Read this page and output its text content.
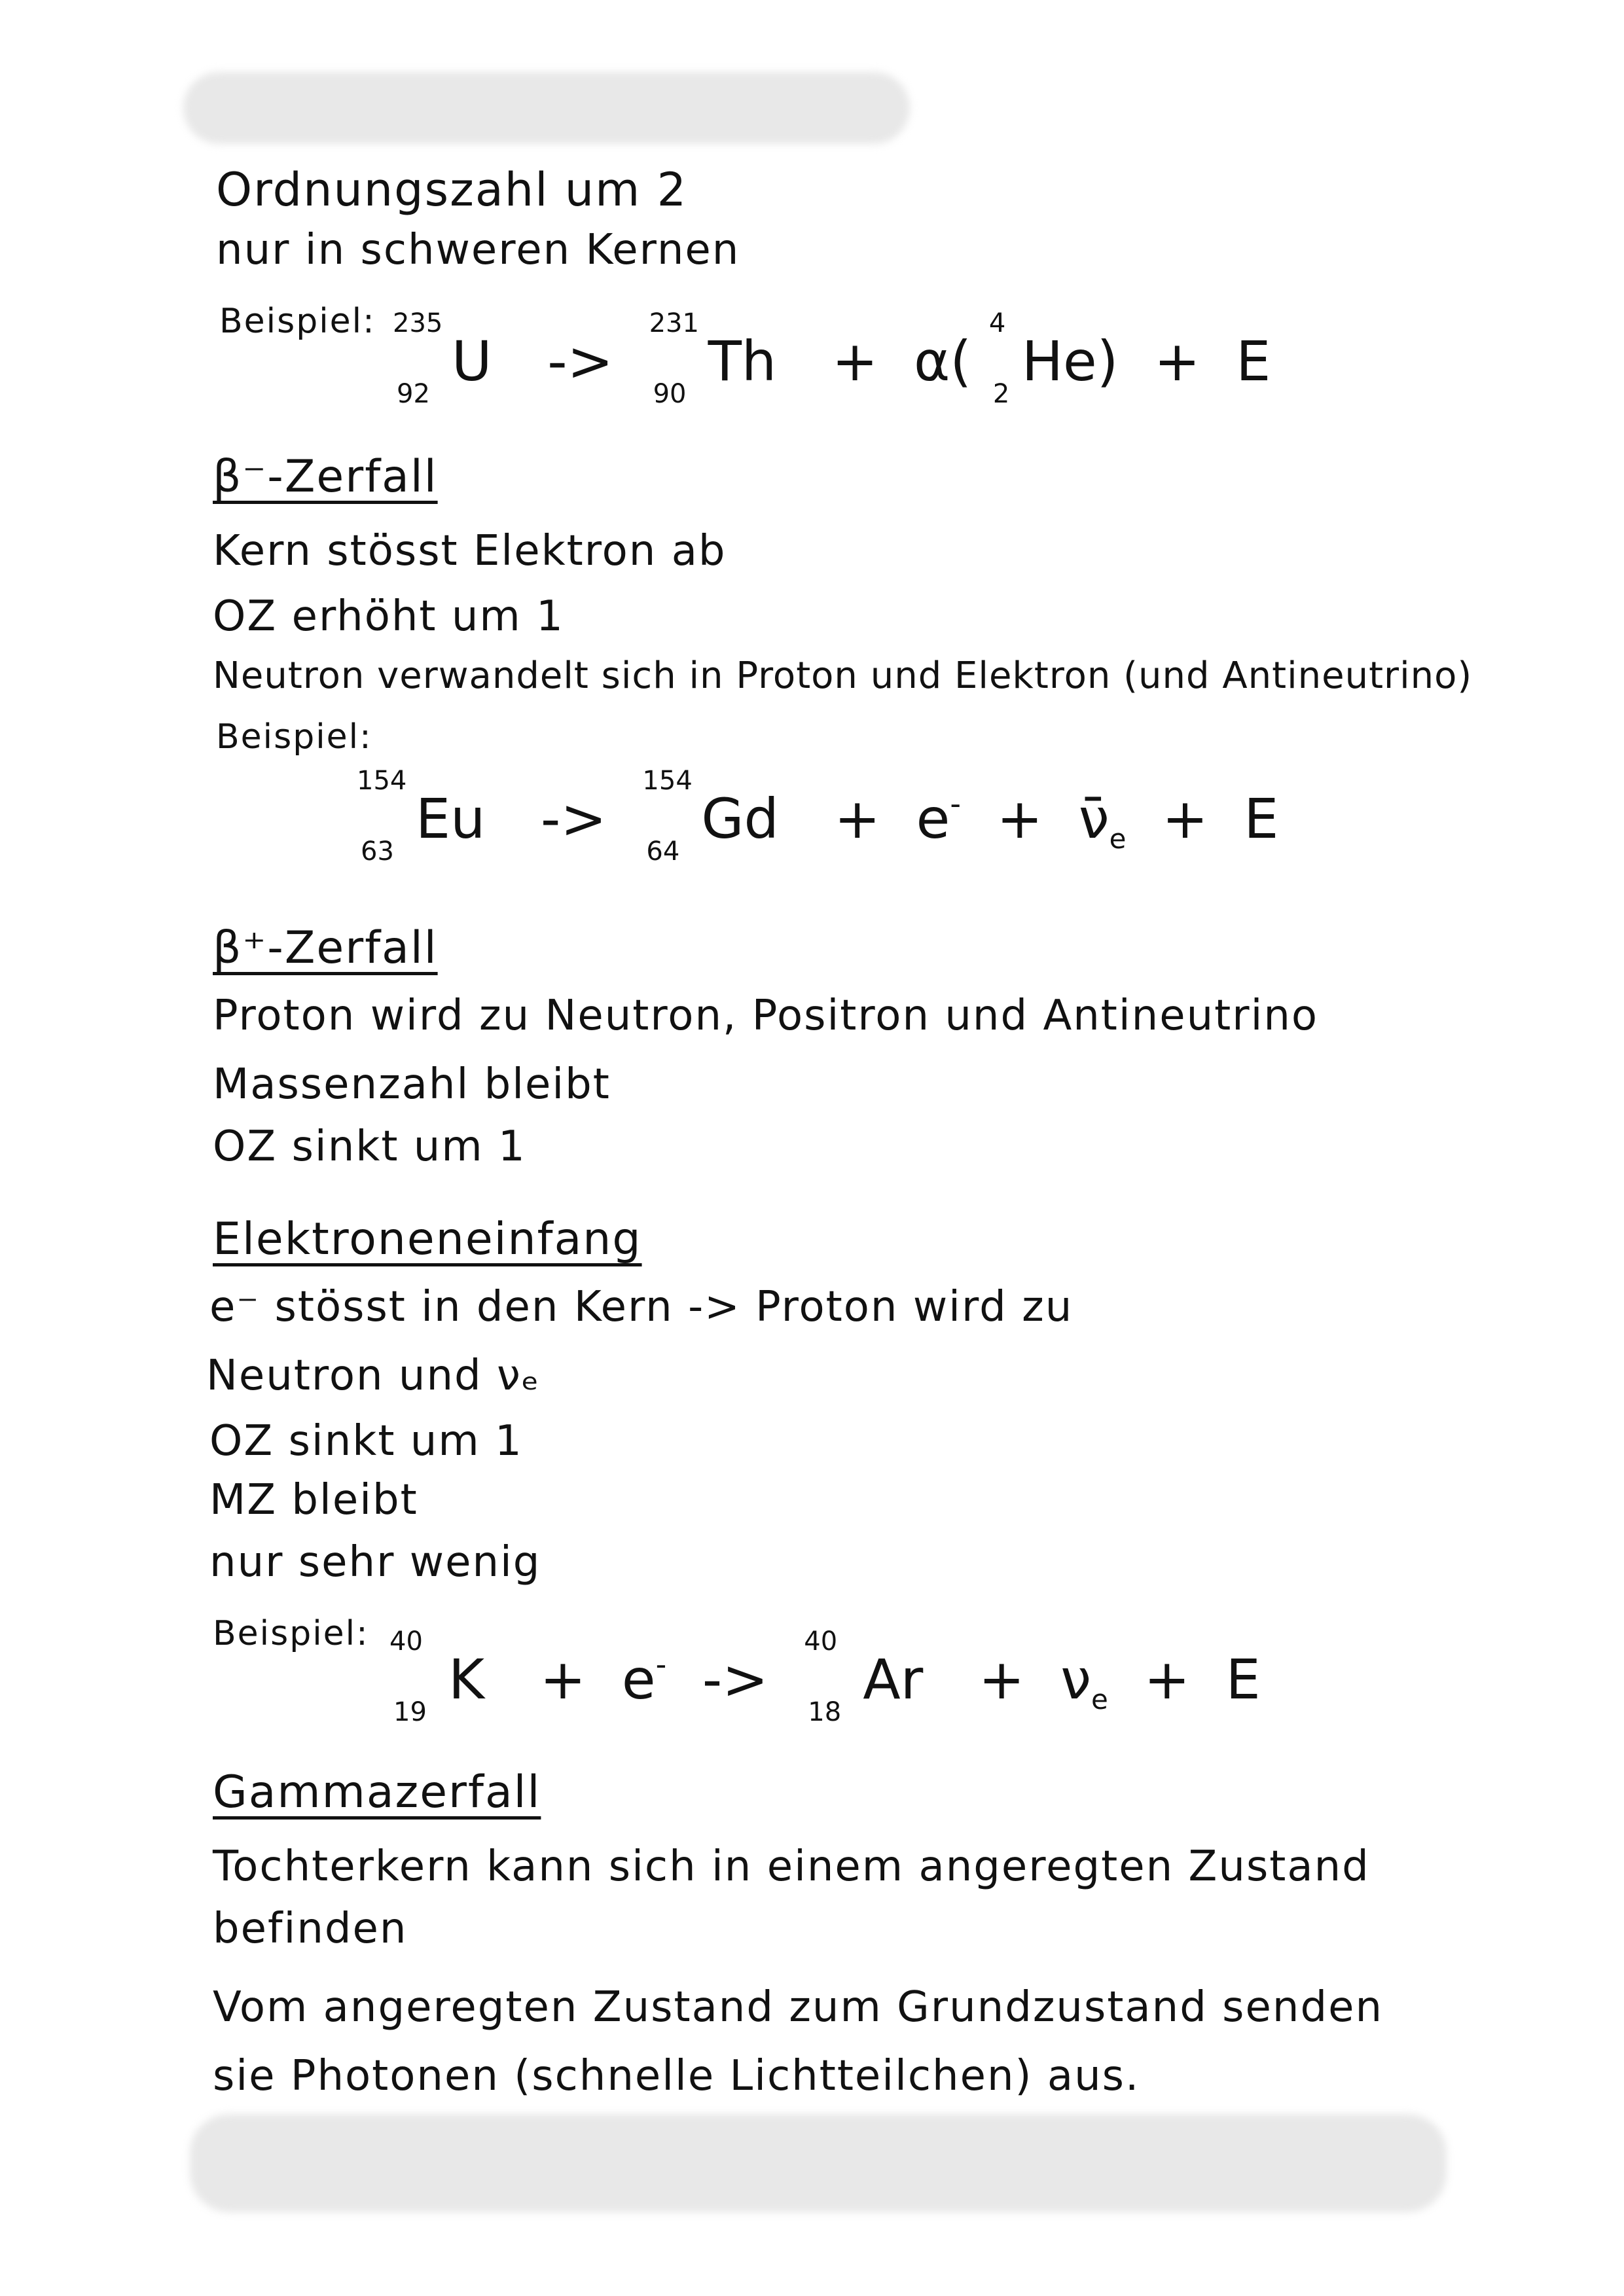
Ordnungszahl um 2
nur in schweren Kernen
Beispiel: 235
92
U ->
231
90
Th + α(
4
2
He) + E
β⁻-Zerfall
Kern stösst Elektron ab
OZ erhöht um 1
Neutron verwandelt sich in Proton und Elektron (und Antineutrino)
Beispiel:
154
63
Eu ->
154
64
$Gd + e^- + \nū_e + E$
β⁺-Zerfall
Proton wird zu Neutron, Positron und Antineutrino
Massenzahl bleibt
OZ sinkt um 1
Elektroneneinfang
e⁻ stösst in den Kern -> Proton wird zu
Neutron und νₑ
OZ sinkt um 1
MZ bleibt
nur sehr wenig
Beispiel: 40
19
K + e- ->
40
18
$Ar + \nu_e + E$
Gammazerfall
Tochterkern kann sich in einem angeregten Zustand
befinden
Vom angeregten Zustand zum Grundzustand senden
sie Photonen (schnelle Lichtteilchen) aus.
